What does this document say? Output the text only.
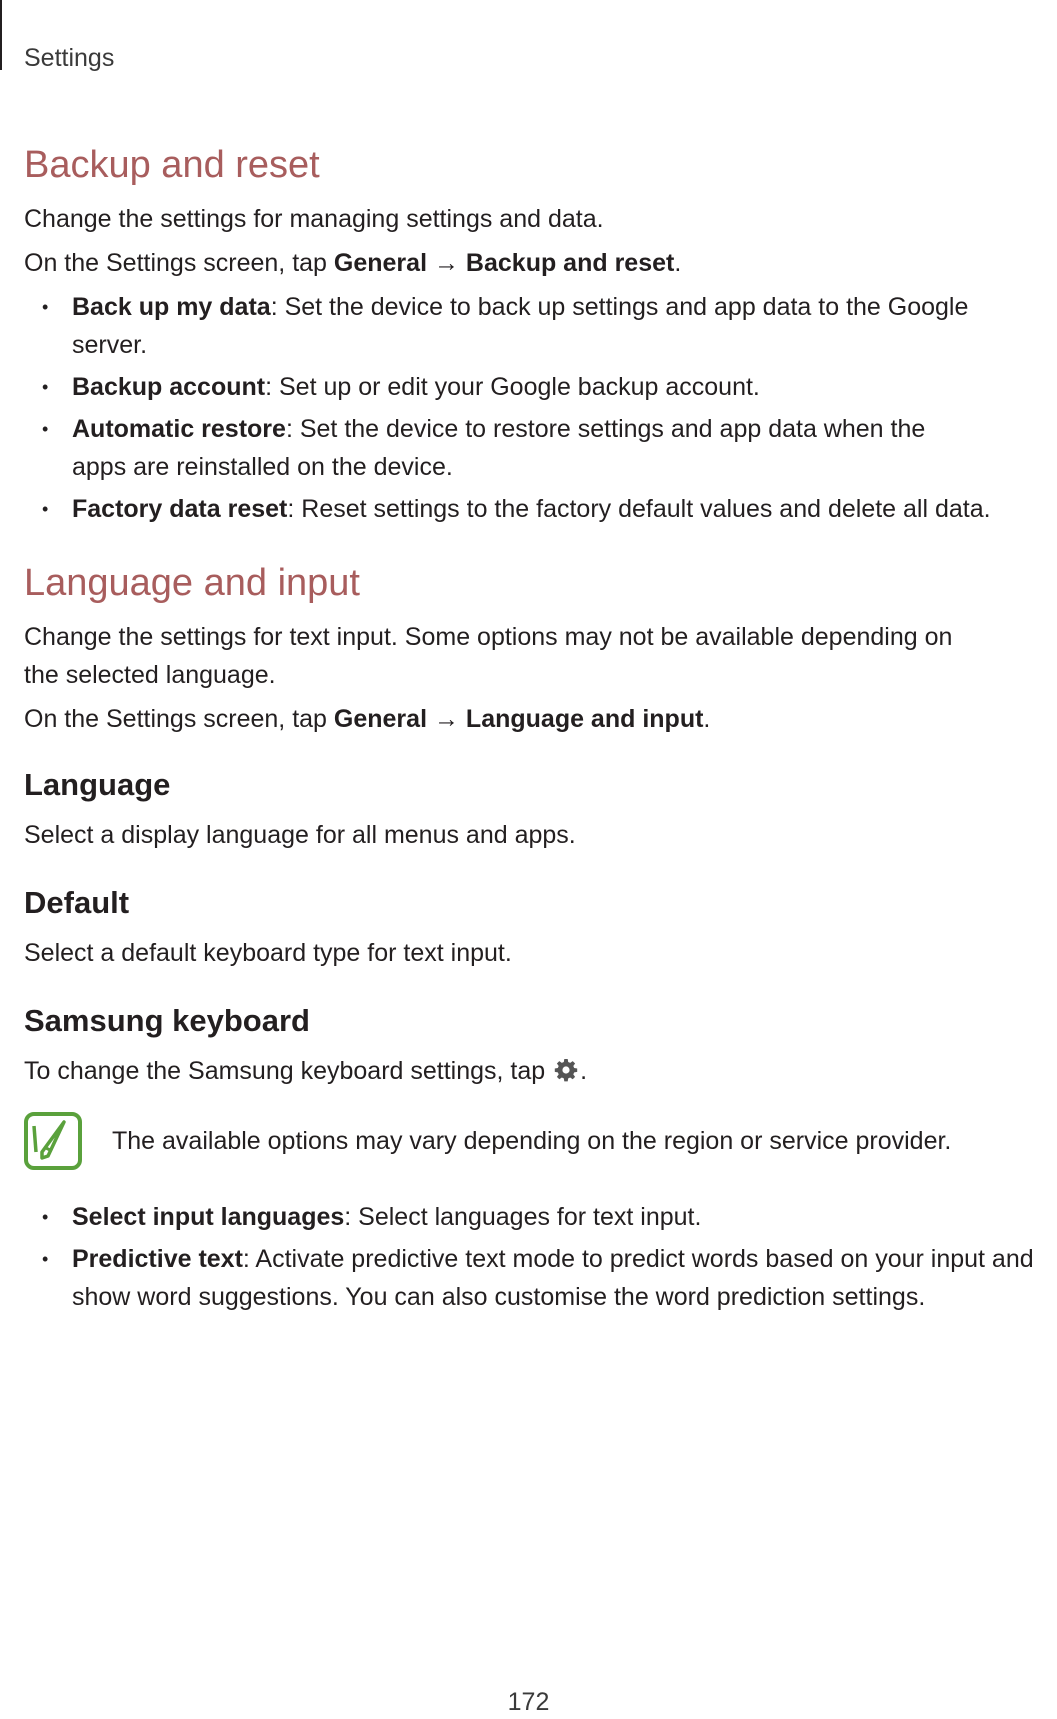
Settings
Backup and reset

Change the settings for managing settings and data.

On the Settings screen, tap General → Backup and reset.

• Back up my data: Set the device to back up settings and app data to the Google server.
• Backup account: Set up or edit your Google backup account.
• Automatic restore: Set the device to restore settings and app data when the apps are reinstalled on the device.
• Factory data reset: Reset settings to the factory default values and delete all data.
Language and input

Change the settings for text input. Some options may not be available depending on the selected language.

On the Settings screen, tap General → Language and input.

Language

Select a display language for all menus and apps.

Default

Select a default keyboard type for text input.

Samsung keyboard

To change the Samsung keyboard settings, tap .

The available options may vary depending on the region or service provider.

• Select input languages: Select languages for text input.
• Predictive text: Activate predictive text mode to predict words based on your input and show word suggestions. You can also customise the word prediction settings.
172
